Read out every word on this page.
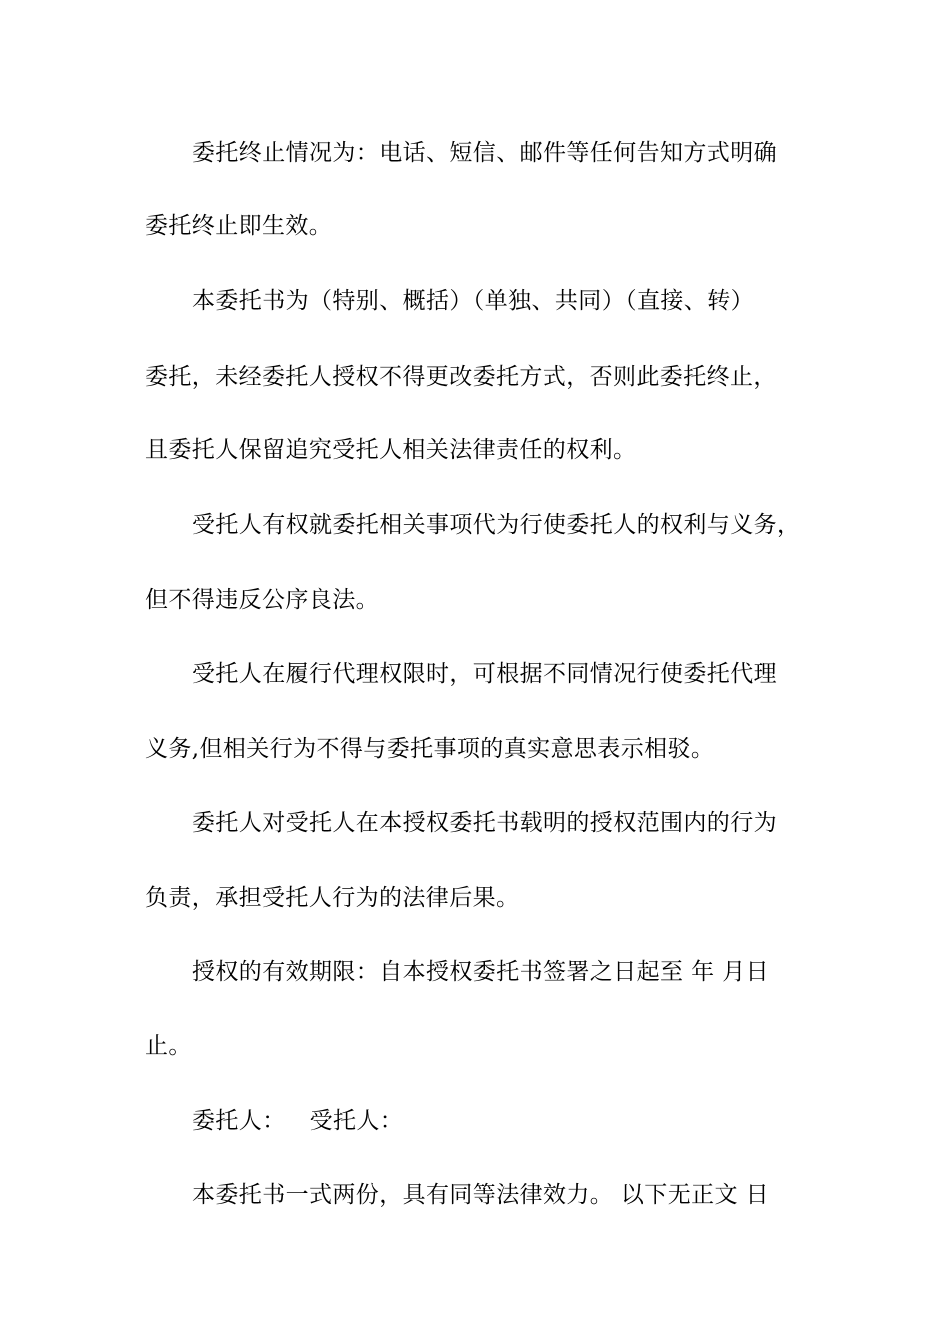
委托终止情况为：电话、短信、邮件等任何告知方式明确
委托终止即生效。
本委托书为（特别、概括）（单独、共同）（直接、转）
委托，未经委托人授权不得更改委托方式，否则此委托终止，
且委托人保留追究受托人相关法律责任的权利。
受托人有权就委托相关事项代为行使委托人的权利与义务，
但不得违反公序良法。
受托人在履行代理权限时，可根据不同情况行使委托代理
义务,但相关行为不得与委托事项的真实意思表示相驳。
委托人对受托人在本授权委托书载明的授权范围内的行为
负责，承担受托人行为的法律后果。
授权的有效期限：自本授权委托书签署之日起至 年 月日
止。
委托人： 受托人：
本委托书一式两份，具有同等法律效力。 以下无正文 日
